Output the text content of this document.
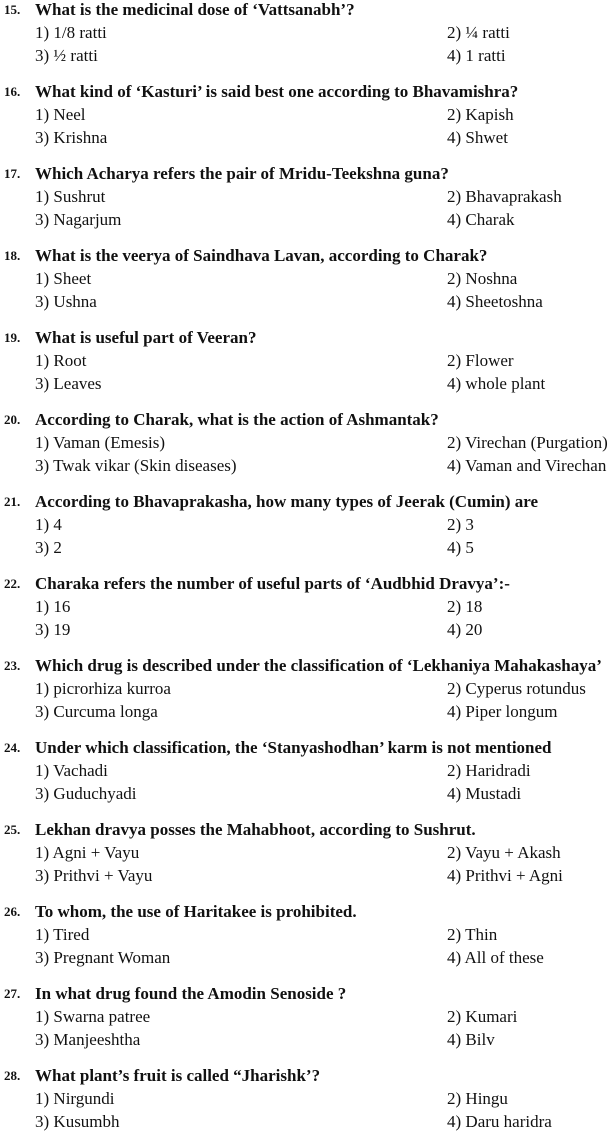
15. What is the medicinal dose of ‘Vattsanabh’?
1) 1/8 ratti	2) ¼ ratti
3) ½ ratti	4) 1 ratti
16. What kind of ‘Kasturi’ is said best one according to Bhavamishra?
1) Neel	2) Kapish
3) Krishna	4) Shwet
17. Which Acharya refers the pair of Mridu-Teekshna guna?
1) Sushrut	2) Bhavaprakash
3) Nagarjum	4) Charak
18. What is the veerya of Saindhava Lavan, according to Charak?
1) Sheet	2) Noshna
3) Ushna	4) Sheetoshna
19. What is useful part of Veeran?
1) Root	2) Flower
3) Leaves	4) whole plant
20. According to Charak, what is the action of Ashmantak?
1) Vaman (Emesis)	2) Virechan (Purgation)
3) Twak vikar (Skin diseases)	4) Vaman and Virechan
21. According to Bhavaprakasha, how many types of Jeerak (Cumin) are
1) 4	2) 3
3) 2	4) 5
22. Charaka refers the number of useful parts of ‘Audbhid Dravya’:-
1) 16	2) 18
3) 19	4) 20
23. Which drug is described under the classification of ‘Lekhaniya Mahakashaya’
1) picrorhiza kurroa	2) Cyperus rotundus
3) Curcuma longa	4) Piper longum
24. Under which classification, the ‘Stanyashodhan’ karm is not mentioned
1) Vachadi	2) Haridradi
3) Guduchyadi	4) Mustadi
25. Lekhan dravya posses the Mahabhoot, according to Sushrut.
1) Agni + Vayu	2) Vayu + Akash
3) Prithvi + Vayu	4) Prithvi + Agni
26. To whom, the use of Haritakee is prohibited.
1) Tired	2) Thin
3) Pregnant Woman	4) All of these
27. In what drug found the Amodin Senoside ?
1) Swarna patree	2) Kumari
3) Manjeeshtha	4) Bilv
28. What plant’s fruit is called “Jharishk’?
1) Nirgundi	2) Hingu
3) Kusumbh	4) Daru haridra
